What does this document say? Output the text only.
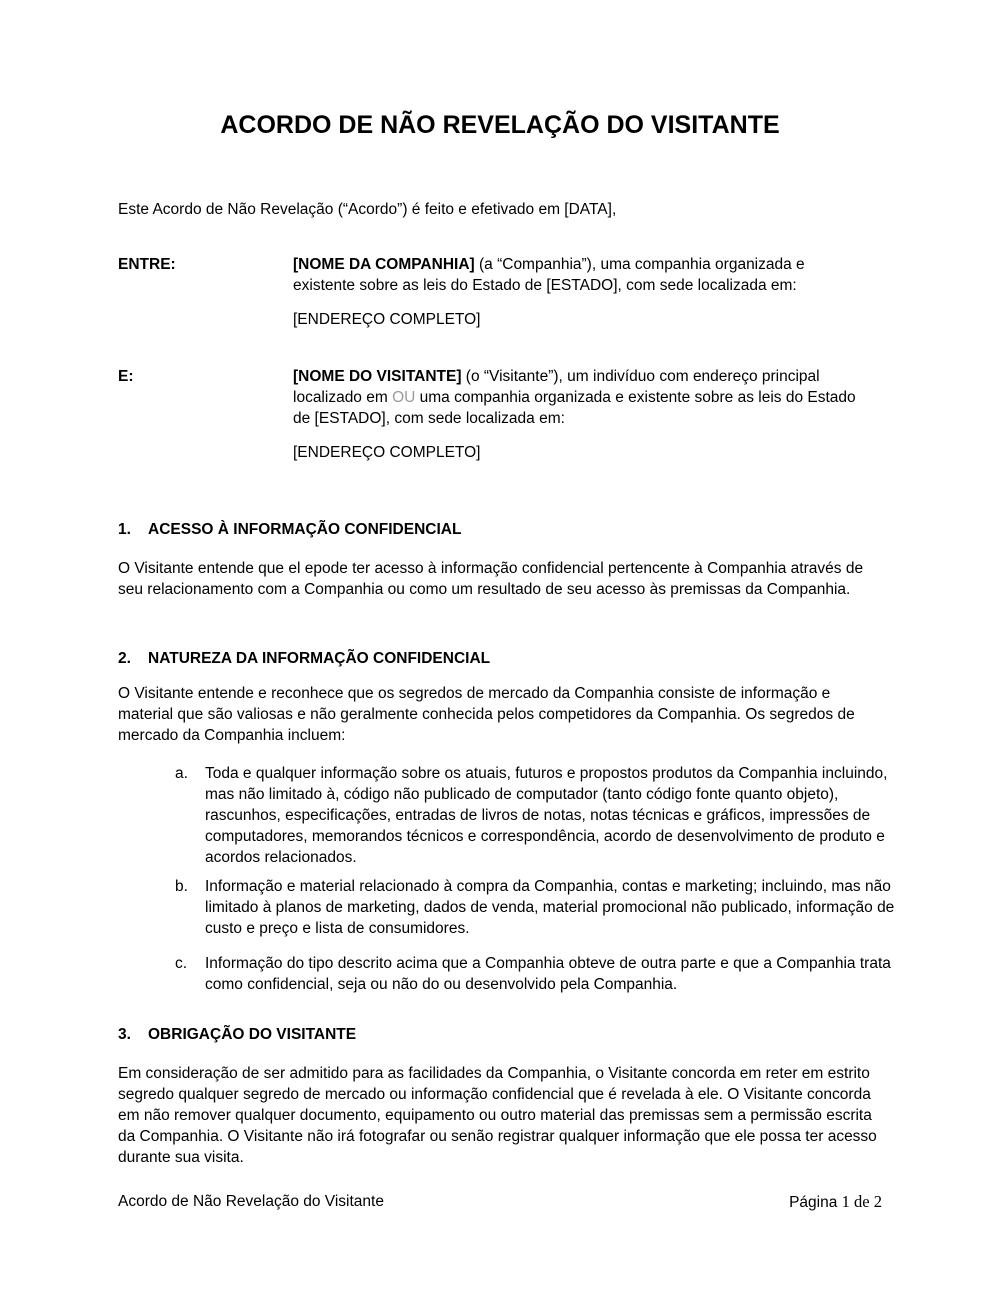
ACORDO DE NÃO REVELAÇÃO DO VISITANTE
Este Acordo de Não Revelação (“Acordo”) é feito e efetivado em [DATA],
ENTRE:	[NOME DA COMPANHIA] (a “Companhia”), uma companhia organizada e existente sobre as leis do Estado de [ESTADO], com sede localizada em:
[ENDEREÇO COMPLETO]
E:	[NOME DO VISITANTE] (o “Visitante”), um indivíduo com endereço principal localizado em OU uma companhia organizada e existente sobre as leis do Estado de [ESTADO], com sede localizada em:
[ENDEREÇO COMPLETO]
1. ACESSO À INFORMAÇÃO CONFIDENCIAL
O Visitante entende que el epode ter acesso à informação confidencial pertencente à Companhia através de seu relacionamento com a Companhia ou como um resultado de seu acesso às premissas da Companhia.
2. NATUREZA DA INFORMAÇÃO CONFIDENCIAL
O Visitante entende e reconhece que os segredos de mercado da Companhia consiste de informação e material que são valiosas e não geralmente conhecida pelos competidores da Companhia. Os segredos de mercado da Companhia incluem:
a. Toda e qualquer informação sobre os atuais, futuros e propostos produtos da Companhia incluindo, mas não limitado à, código não publicado de computador (tanto código fonte quanto objeto), rascunhos, especificações, entradas de livros de notas, notas técnicas e gráficos, impressões de computadores, memorandos técnicos e correspondência, acordo de desenvolvimento de produto e acordos relacionados.
b. Informação e material relacionado à compra da Companhia, contas e marketing; incluindo, mas não limitado à planos de marketing, dados de venda, material promocional não publicado, informação de custo e preço e lista de consumidores.
c. Informação do tipo descrito acima que a Companhia obteve de outra parte e que a Companhia trata como confidencial, seja ou não do ou desenvolvido pela Companhia.
3. OBRIGAÇÃO DO VISITANTE
Em consideração de ser admitido para as facilidades da Companhia, o Visitante concorda em reter em estrito segredo qualquer segredo de mercado ou informação confidencial que é revelada à ele. O Visitante concorda em não remover qualquer documento, equipamento ou outro material das premissas sem a permissão escrita da Companhia. O Visitante não irá fotografar ou senão registrar qualquer informação que ele possa ter acesso durante sua visita.
Acordo de Não Revelação do Visitante	Página 1 de 2
